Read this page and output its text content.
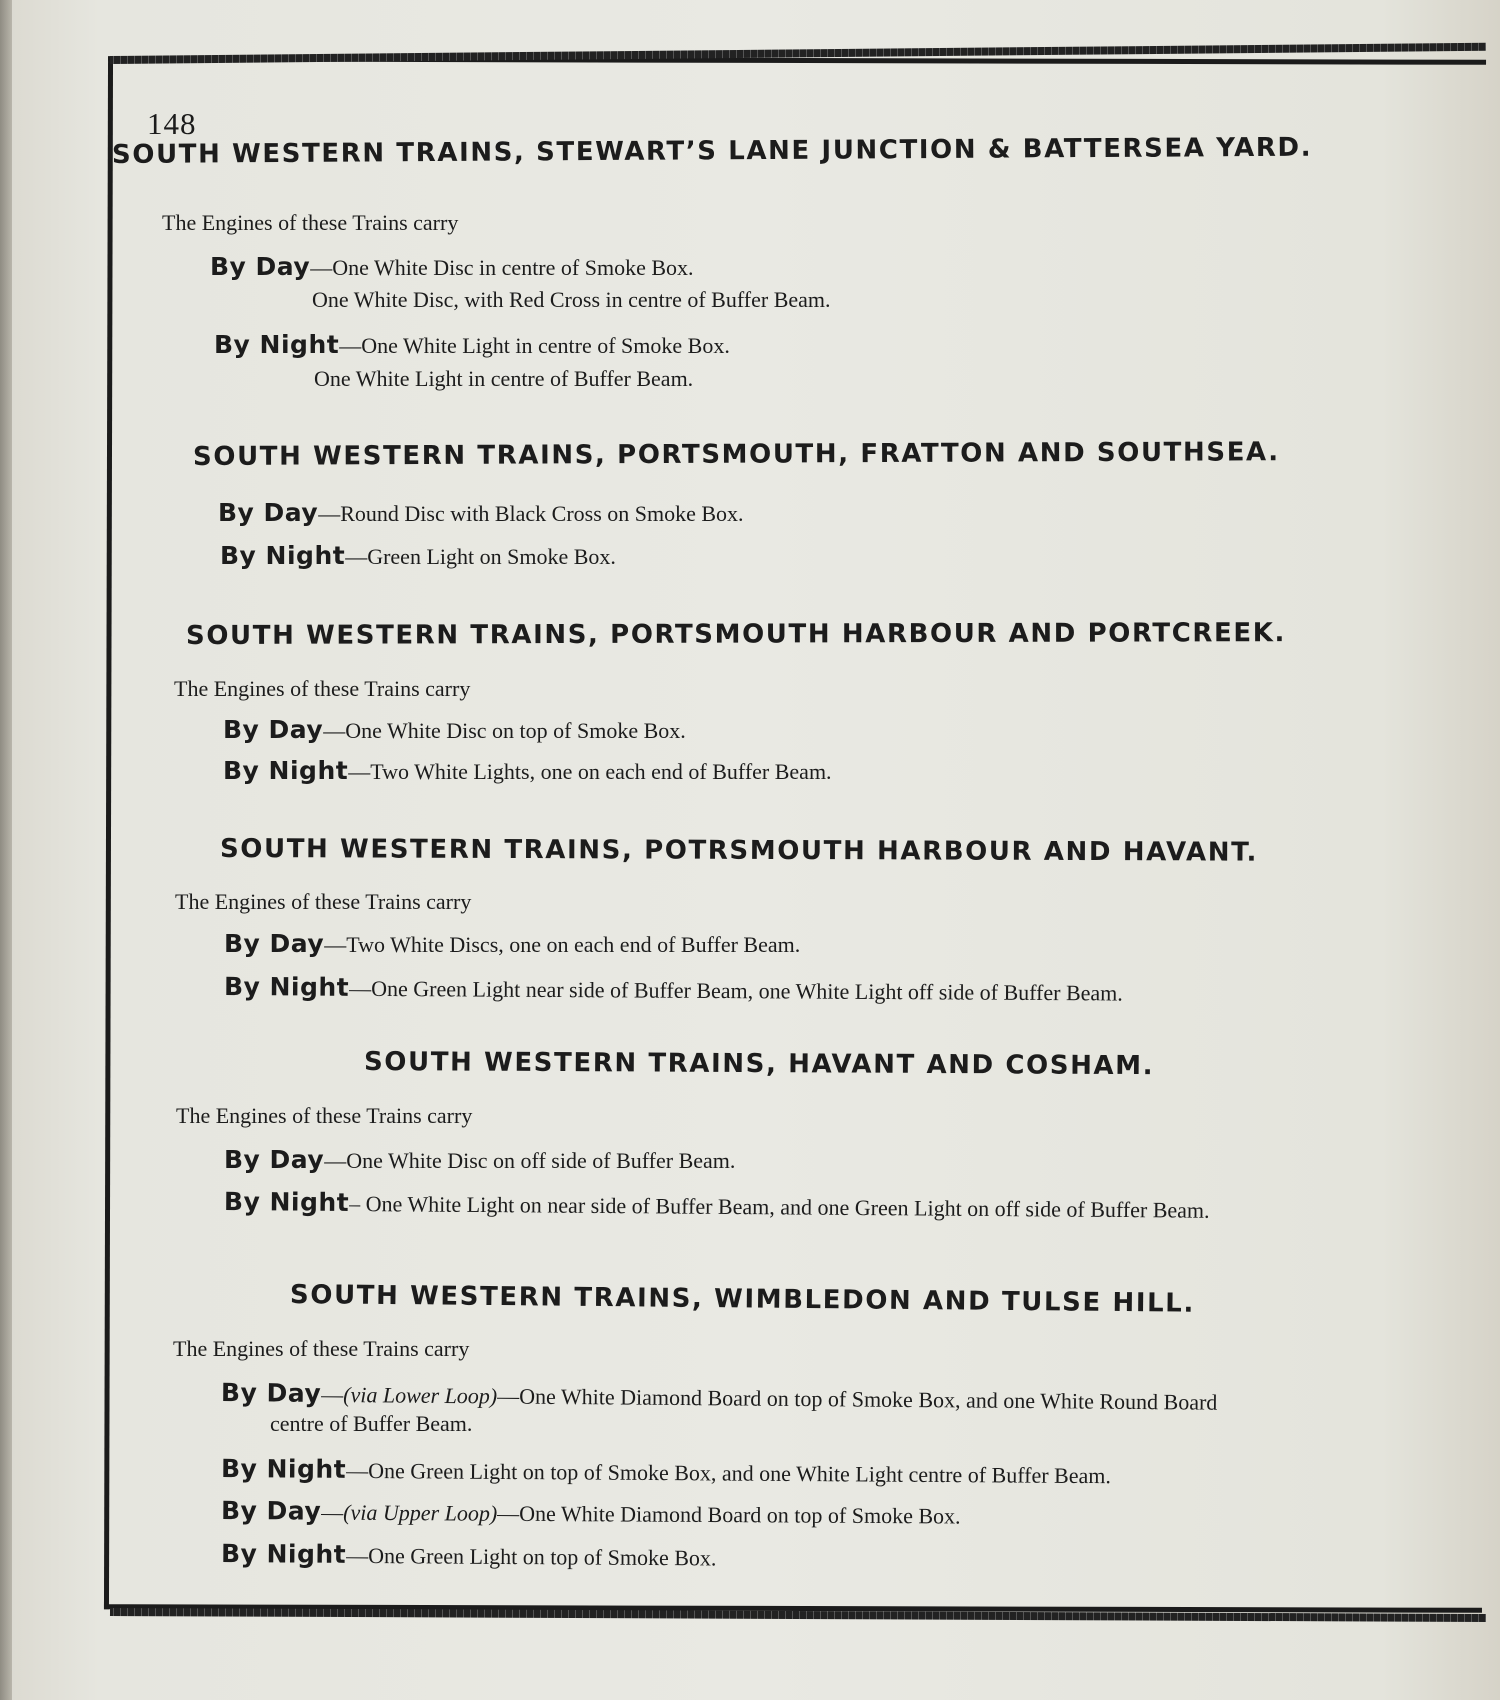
148

SOUTH WESTERN TRAINS, STEWART’S LANE JUNCTION & BATTERSEA YARD.

The Engines of these Trains carry

By Day—One White Disc in centre of Smoke Box.

One White Disc, with Red Cross in centre of Buffer Beam.

By Night—One White Light in centre of Smoke Box.

One White Light in centre of Buffer Beam.

SOUTH WESTERN TRAINS, PORTSMOUTH, FRATTON AND SOUTHSEA.

By Day—Round Disc with Black Cross on Smoke Box.

By Night—Green Light on Smoke Box.

SOUTH WESTERN TRAINS, PORTSMOUTH HARBOUR AND PORTCREEK.

The Engines of these Trains carry

By Day—One White Disc on top of Smoke Box.

By Night—Two White Lights, one on each end of Buffer Beam.

SOUTH WESTERN TRAINS, POTRSMOUTH HARBOUR AND HAVANT.

The Engines of these Trains carry

By Day—Two White Discs, one on each end of Buffer Beam.

By Night—One Green Light near side of Buffer Beam, one White Light off side of Buffer Beam.

SOUTH WESTERN TRAINS, HAVANT AND COSHAM.

The Engines of these Trains carry

By Day—One White Disc on off side of Buffer Beam.

By Night– One White Light on near side of Buffer Beam, and one Green Light on off side of Buffer Beam.

SOUTH WESTERN TRAINS, WIMBLEDON AND TULSE HILL.

The Engines of these Trains carry

By Day—(via Lower Loop)—One White Diamond Board on top of Smoke Box, and one White Round Board

centre of Buffer Beam.

By Night—One Green Light on top of Smoke Box, and one White Light centre of Buffer Beam.

By Day—(via Upper Loop)—One White Diamond Board on top of Smoke Box.

By Night—One Green Light on top of Smoke Box.
